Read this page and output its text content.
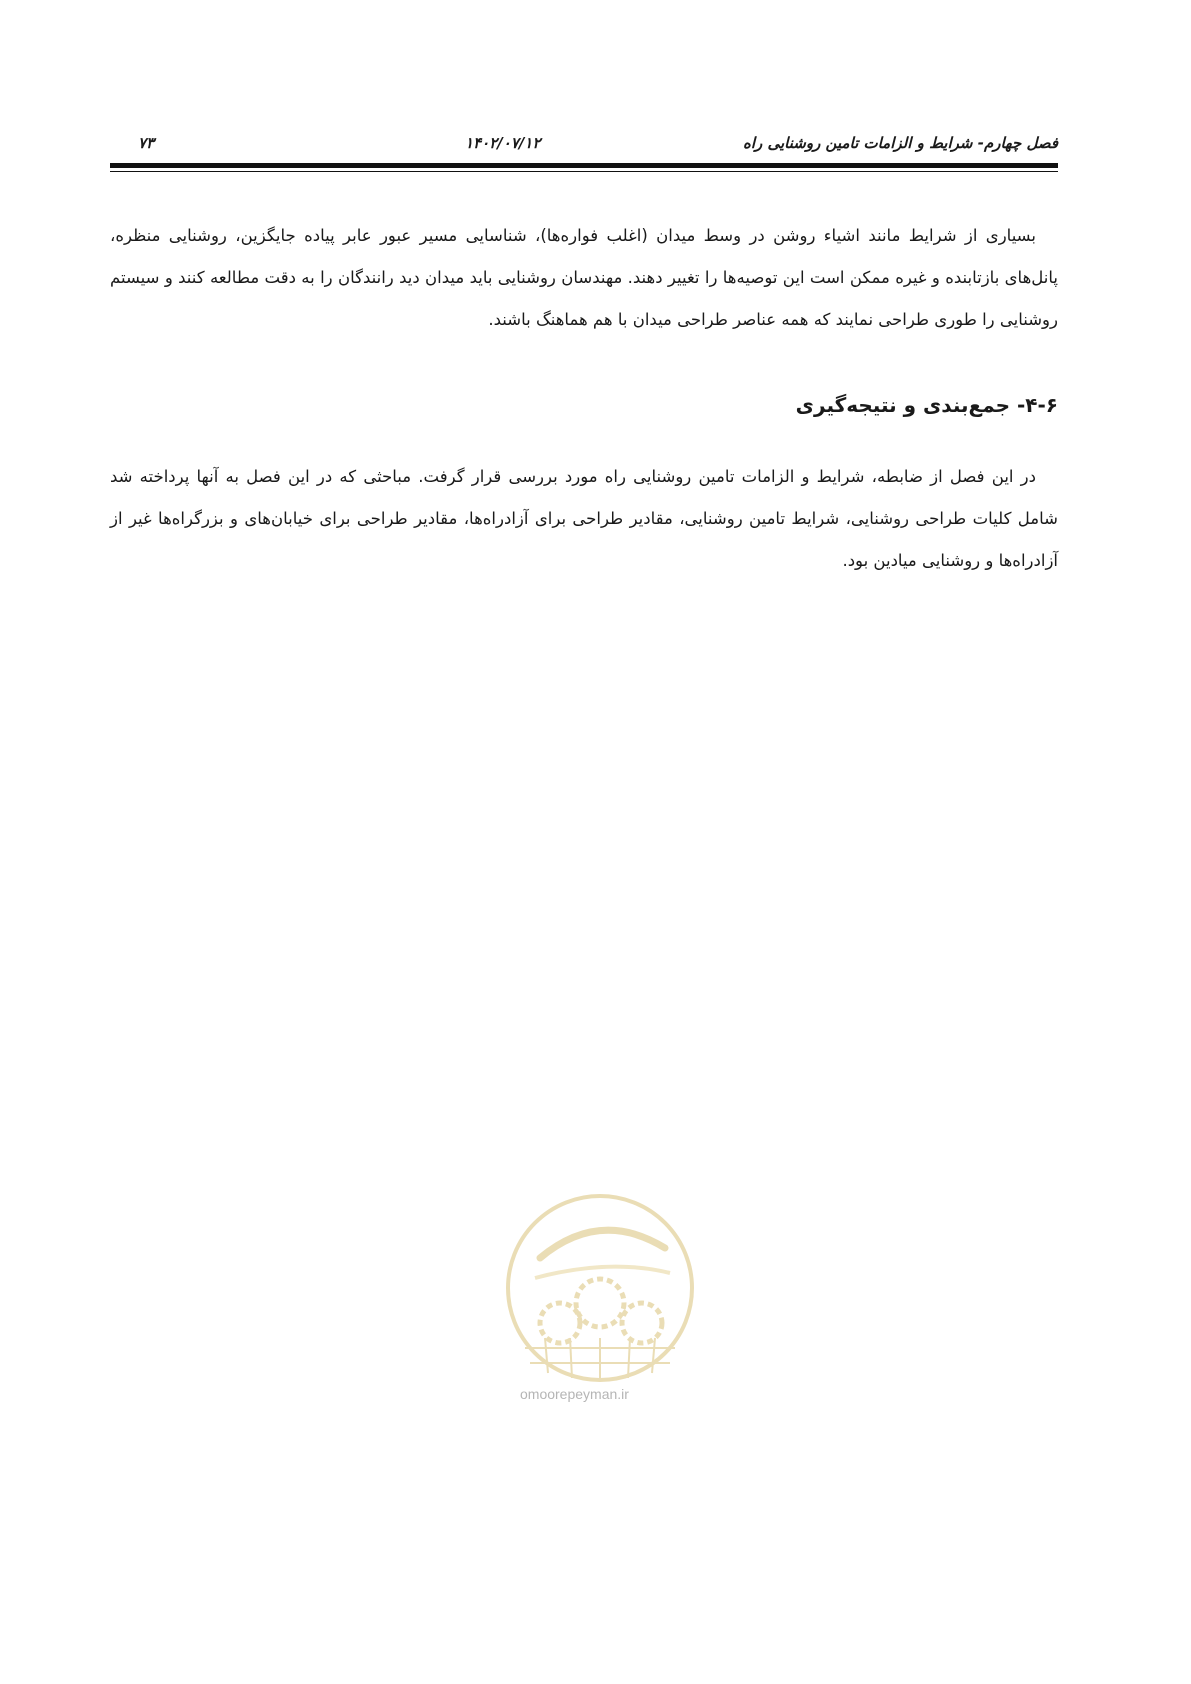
فصل چهارم- شرایط و الزامات تامین روشنایی راه
۱۴۰۲/۰۷/۱۲
۷۳

بسیاری از شرایط مانند اشیاء روشن در وسط میدان (اغلب فواره‌ها)، شناسایی مسیر عبور عابر پیاده جایگزین، روشنایی منظره، پانل‌های بازتابنده و غیره ممکن است این توصیه‌ها را تغییر دهند. مهندسان روشنایی باید میدان دید رانندگان را به دقت مطالعه کنند و سیستم روشنایی را طوری طراحی نمایند که همه عناصر طراحی میدان با هم هماهنگ باشند.

۴-۶- جمع‌بندی و نتیجه‌گیری

در این فصل از ضابطه، شرایط و الزامات تامین روشنایی راه مورد بررسی قرار گرفت. مباحثی که در این فصل به آنها پرداخته شد شامل کلیات طراحی روشنایی، شرایط تامین روشنایی، مقادیر طراحی برای آزادراه‌ها، مقادیر طراحی برای خیابان‌های و بزرگراه‌ها غیر از آزادراه‌ها و روشنایی میادین بود.

omoorepeyman.ir
